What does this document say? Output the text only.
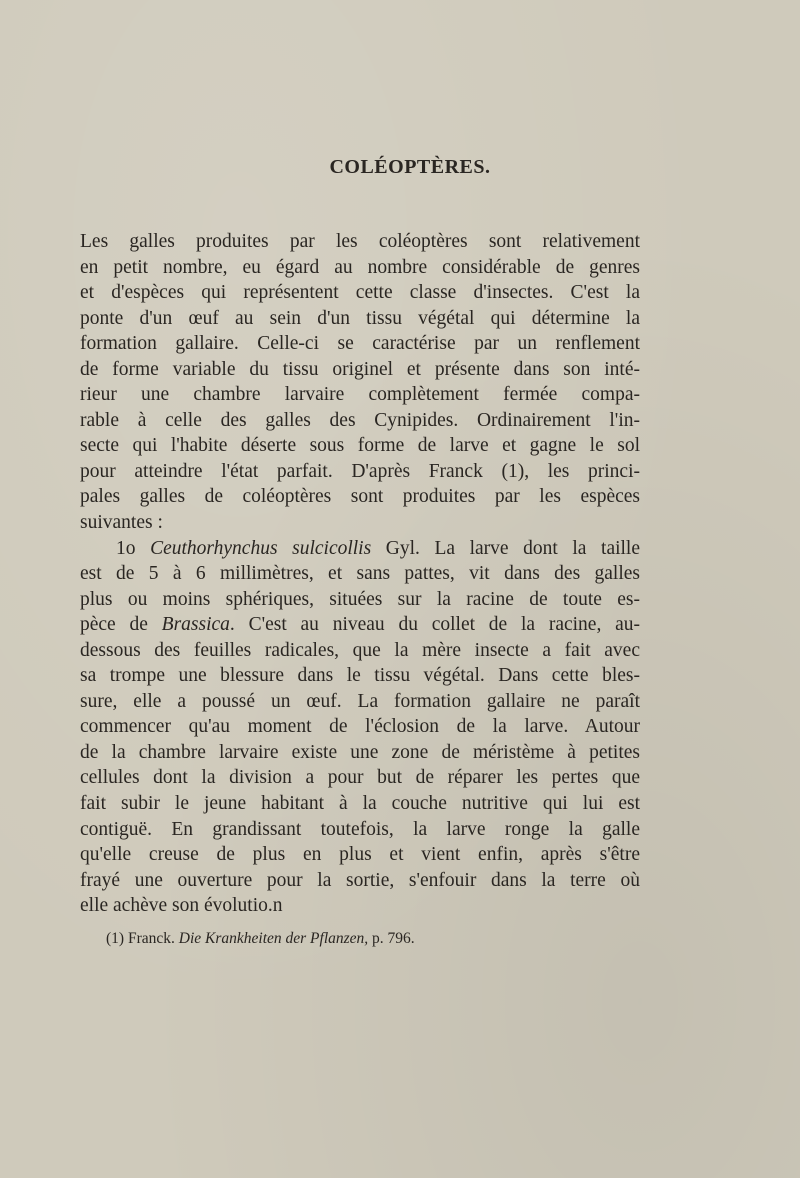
COLÉOPTÈRES.
Les galles produites par les coléoptères sont relativement
en petit nombre, eu égard au nombre considérable de genres
et d'espèces qui représentent cette classe d'insectes. C'est la
ponte d'un œuf au sein d'un tissu végétal qui détermine la
formation gallaire. Celle-ci se caractérise par un renflement
de forme variable du tissu originel et présente dans son inté-
rieur une chambre larvaire complètement fermée compa-
rable à celle des galles des Cynipides. Ordinairement l'in-
secte qui l'habite déserte sous forme de larve et gagne le sol
pour atteindre l'état parfait. D'après Franck (1), les princi-
pales galles de coléoptères sont produites par les espèces
suivantes :
1o Ceuthorhynchus sulcicollis Gyl. La larve dont la taille
est de 5 à 6 millimètres, et sans pattes, vit dans des galles
plus ou moins sphériques, situées sur la racine de toute es-
pèce de Brassica. C'est au niveau du collet de la racine, au-
dessous des feuilles radicales, que la mère insecte a fait avec
sa trompe une blessure dans le tissu végétal. Dans cette bles-
sure, elle a poussé un œuf. La formation gallaire ne paraît
commencer qu'au moment de l'éclosion de la larve. Autour
de la chambre larvaire existe une zone de méristème à petites
cellules dont la division a pour but de réparer les pertes que
fait subir le jeune habitant à la couche nutritive qui lui est
contiguë. En grandissant toutefois, la larve ronge la galle
qu'elle creuse de plus en plus et vient enfin, après s'être
frayé une ouverture pour la sortie, s'enfouir dans la terre où
elle achève son évolutio.n
(1) Franck. Die Krankheiten der Pflanzen, p. 796.
